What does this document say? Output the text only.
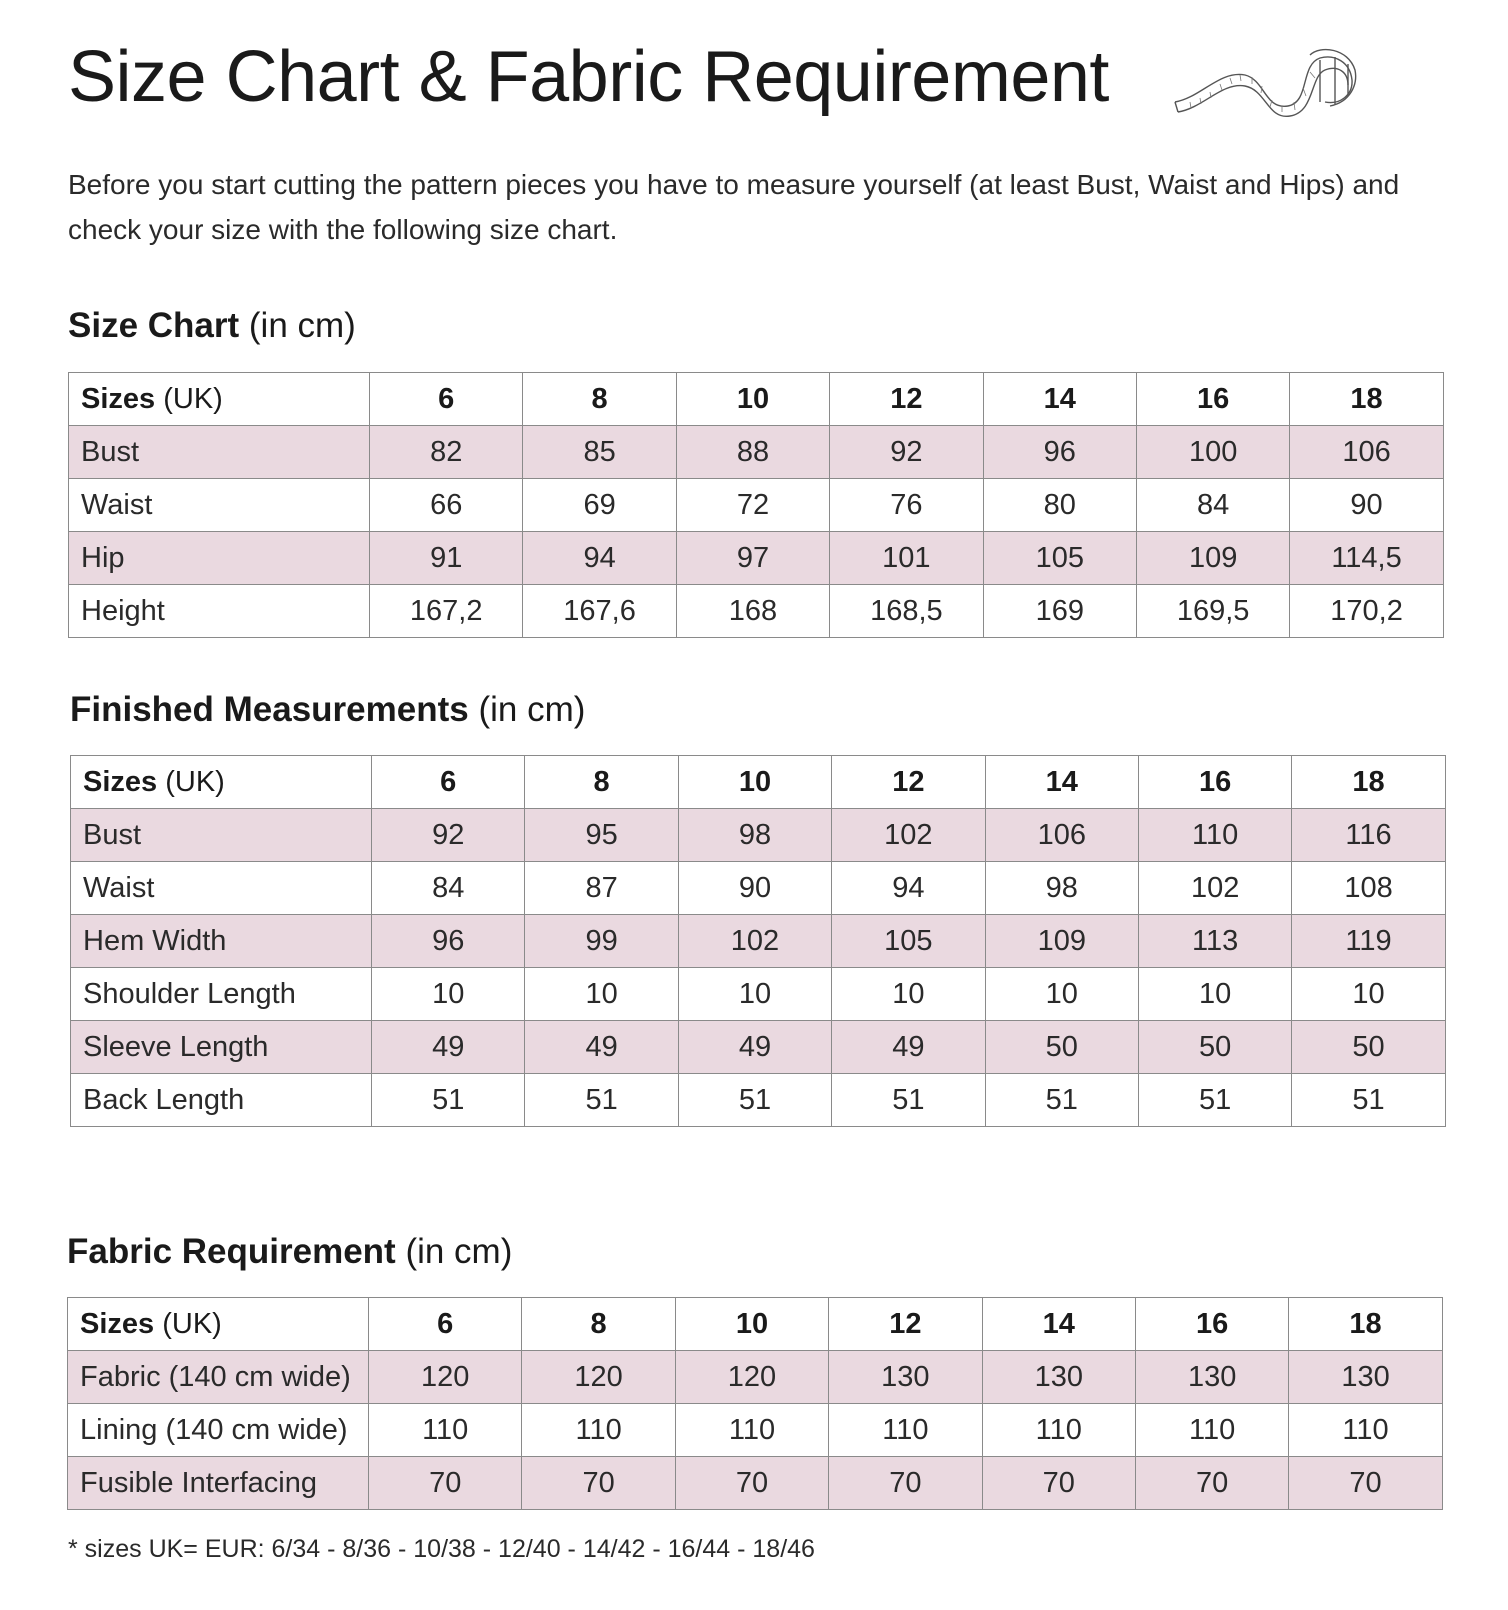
Size Chart & Fabric Requirement
Before you start cutting the pattern pieces you have to measure yourself (at least Bust, Waist and Hips) and check your size with the following size chart.
Size Chart (in cm)
Sizes (UK)	6	8	10	12	14	16	18
Bust	82	85	88	92	96	100	106
Waist	66	69	72	76	80	84	90
Hip	91	94	97	101	105	109	114,5
Height	167,2	167,6	168	168,5	169	169,5	170,2
Finished Measurements (in cm)
Sizes (UK)	6	8	10	12	14	16	18
Bust	92	95	98	102	106	110	116
Waist	84	87	90	94	98	102	108
Hem Width	96	99	102	105	109	113	119
Shoulder Length	10	10	10	10	10	10	10
Sleeve Length	49	49	49	49	50	50	50
Back Length	51	51	51	51	51	51	51
Fabric Requirement (in cm)
Sizes (UK)	6	8	10	12	14	16	18
Fabric (140 cm wide)	120	120	120	130	130	130	130
Lining (140 cm wide)	110	110	110	110	110	110	110
Fusible Interfacing	70	70	70	70	70	70	70
* sizes UK= EUR: 6/34 - 8/36 - 10/38 - 12/40 - 14/42 - 16/44 - 18/46
